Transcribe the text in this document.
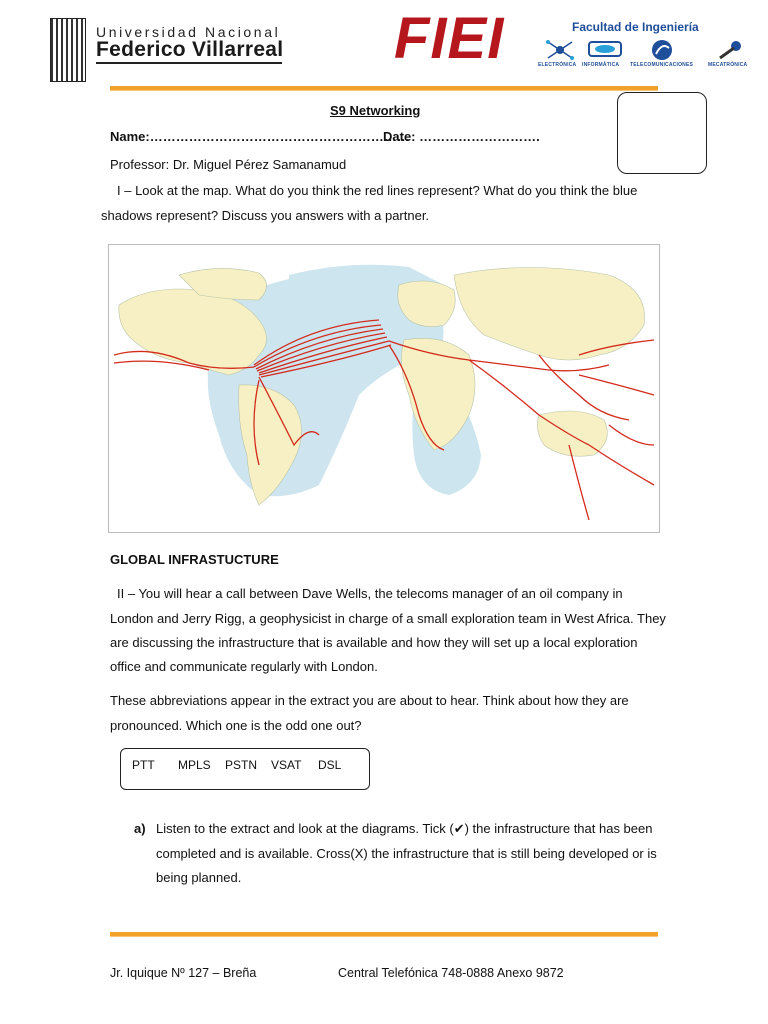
Universidad Nacional
Federico Villarreal FIEI	Facultad de Ingeniería
ELECTRÓNICA INFORMÁTICA TELECOMUNICACIONES	MECATRÓNICA
S9 Networking
Name:……………………………………………………
Date: ……………………….
Professor: Dr. Miguel Pérez Samanamud
I – Look at the map. What do you think the red lines represent? What do you think the blue
shadows represent? Discuss you answers with a partner.
GLOBAL INFRASTUCTURE
II – You will hear a call between Dave Wells, the telecoms manager of an oil company in
London and Jerry Rigg, a geophysicist in charge of a small exploration team in West Africa. They
are discussing the infrastructure that is available and how they will set up a local exploration
office and communicate regularly with London.
These abbreviations appear in the extract you are about to hear. Think about how they are
pronounced. Which one is the odd one out?
PTT MPLS PSTN VSAT DSL
a) Listen to the extract and look at the diagrams. Tick (✔) the infrastructure that has been
completed and is available. Cross(X) the infrastructure that is still being developed or is
being planned.
Jr. Iquique Nº 127 – Breña	Central Telefónica 748-0888 Anexo 9872
